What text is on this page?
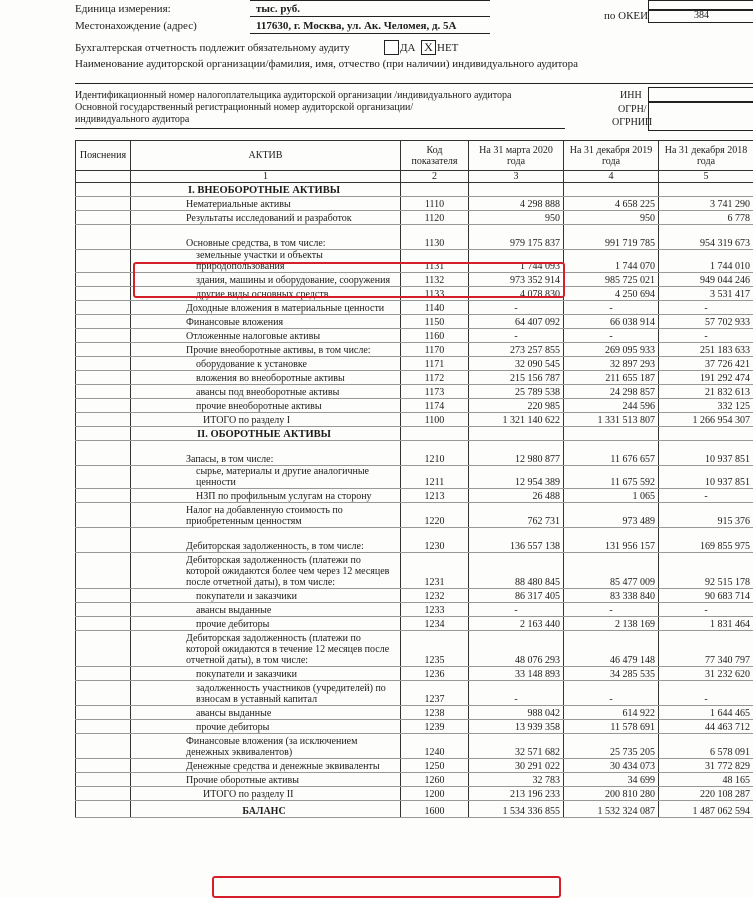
Единица измерения:	тыс. руб.
по ОКЕИ	384
Местонахождение (адрес)	117630, г. Москва, ул. Ак. Челомея, д. 5А
Бухгалтерская отчетность подлежит обязательному аудиту	ДА X НЕТ
Наименование аудиторской организации/фамилия, имя, отчество (при наличии) индивидуального аудитора
Идентификационный номер налогоплательщика аудиторской организации /индивидуального аудитора
Основной государственный регистрационный номер аудиторской организации/
индивидуального аудитора
ИНН
ОГРН/
ОГРНИП
Пояснения	АКТИВ	Код показателя	На 31 марта 2020 года	На 31 декабря 2019 года	На 31 декабря 2018 года
	1	2	3	4	5
	I. ВНЕОБОРОТНЫЕ АКТИВЫ				
	Нематериальные активы	1110	4 298 888	4 658 225	3 741 290
	Результаты исследований и разработок	1120	950	950	6 778
	Основные средства, в том числе:	1130	979 175 837	991 719 785	954 319 673
	земельные участки и объекты природопользования	1131	1 744 093	1 744 070	1 744 010
	здания, машины и оборудование, сооружения	1132	973 352 914	985 725 021	949 044 246
	другие виды основных средств	1133	4 078 830	4 250 694	3 531 417
	Доходные вложения в материальные ценности	1140	-	-	-
	Финансовые вложения	1150	64 407 092	66 038 914	57 702 933
	Отложенные налоговые активы	1160	-	-	-
	Прочие внеоборотные активы, в том числе:	1170	273 257 855	269 095 933	251 183 633
	оборудование к установке	1171	32 090 545	32 897 293	37 726 421
	вложения во внеоборотные активы	1172	215 156 787	211 655 187	191 292 474
	авансы под внеоборотные активы	1173	25 789 538	24 298 857	21 832 613
	прочие внеоборотные активы	1174	220 985	244 596	332 125
	ИТОГО по разделу I	1100	1 321 140 622	1 331 513 807	1 266 954 307
	II. ОБОРОТНЫЕ АКТИВЫ				
	Запасы, в том числе:	1210	12 980 877	11 676 657	10 937 851
	сырье, материалы и другие аналогичные ценности	1211	12 954 389	11 675 592	10 937 851
	НЗП по профильным услугам на сторону	1213	26 488	1 065	-
	Налог на добавленную стоимость по приобретенным ценностям	1220	762 731	973 489	915 376
	Дебиторская задолженность, в том числе:	1230	136 557 138	131 956 157	169 855 975
	Дебиторская задолженность (платежи по которой ожидаются более чем через 12 месяцев после отчетной даты), в том числе:	1231	88 480 845	85 477 009	92 515 178
	покупатели и заказчики	1232	86 317 405	83 338 840	90 683 714
	авансы выданные	1233	-	-	-
	прочие дебиторы	1234	2 163 440	2 138 169	1 831 464
	Дебиторская задолженность (платежи по которой ожидаются в течение 12 месяцев после отчетной даты), в том числе:	1235	48 076 293	46 479 148	77 340 797
	покупатели и заказчики	1236	33 148 893	34 285 535	31 232 620
	задолженность участников (учредителей) по взносам в уставный капитал	1237	-	-	-
	авансы выданные	1238	988 042	614 922	1 644 465
	прочие дебиторы	1239	13 939 358	11 578 691	44 463 712
	Финансовые вложения (за исключением денежных эквивалентов)	1240	32 571 682	25 735 205	6 578 091
	Денежные средства и денежные эквиваленты	1250	30 291 022	30 434 073	31 772 829
	Прочие оборотные активы	1260	32 783	34 699	48 165
	ИТОГО по разделу II	1200	213 196 233	200 810 280	220 108 287
	БАЛАНС	1600	1 534 336 855	1 532 324 087	1 487 062 594
